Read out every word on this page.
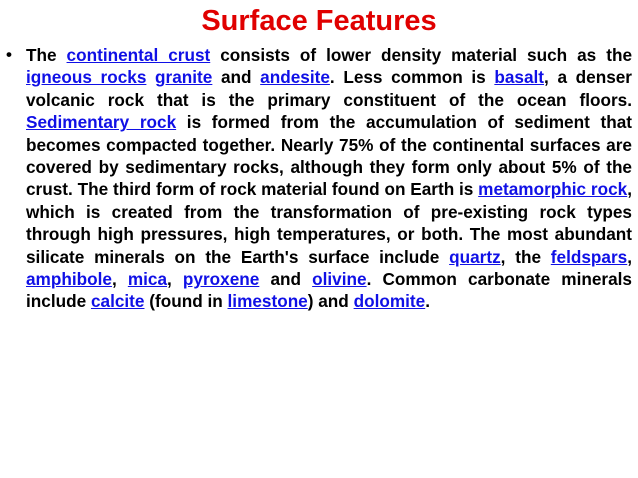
Surface Features
• The continental crust consists of lower density material such as the igneous rocks granite and andesite. Less common is basalt, a denser volcanic rock that is the primary constituent of the ocean floors. Sedimentary rock is formed from the accumulation of sediment that becomes compacted together. Nearly 75% of the continental surfaces are covered by sedimentary rocks, although they form only about 5% of the crust. The third form of rock material found on Earth is metamorphic rock, which is created from the transformation of pre-existing rock types through high pressures, high temperatures, or both. The most abundant silicate minerals on the Earth's surface include quartz, the feldspars, amphibole, mica, pyroxene and olivine. Common carbonate minerals include calcite (found in limestone) and dolomite.
